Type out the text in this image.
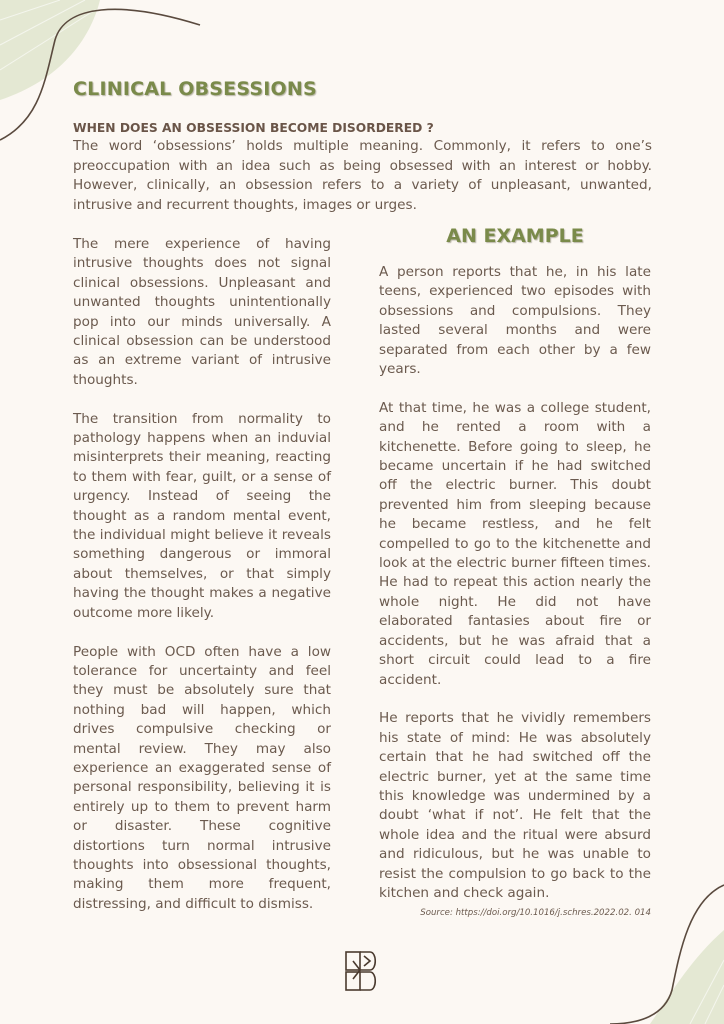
CLINICAL OBSESSIONS
WHEN DOES AN OBSESSION BECOME DISORDERED ?

The word ‘obsessions’ holds multiple meaning. Commonly, it refers to one’s preoccupation with an idea such as being obsessed with an interest or hobby. However, clinically, an obsession refers to a variety of unpleasant, unwanted, intrusive and recurrent thoughts, images or urges.

The mere experience of having intrusive thoughts does not signal clinical obsessions. Unpleasant and unwanted thoughts unintentionally pop into our minds universally. A clinical obsession can be understood as an extreme variant of intrusive thoughts.

The transition from normality to pathology happens when an induvial misinterprets their meaning, reacting to them with fear, guilt, or a sense of urgency. Instead of seeing the thought as a random mental event, the individual might believe it reveals something dangerous or immoral about themselves, or that simply having the thought makes a negative outcome more likely.

People with OCD often have a low tolerance for uncertainty and feel they must be absolutely sure that nothing bad will happen, which drives compulsive checking or mental review. They may also experience an exaggerated sense of personal responsibility, believing it is entirely up to them to prevent harm or disaster. These cognitive distortions turn normal intrusive thoughts into obsessional thoughts, making them more frequent, distressing, and difficult to dismiss.

AN EXAMPLE

A person reports that he, in his late teens, experienced two episodes with obsessions and compulsions. They lasted several months and were separated from each other by a few years.

At that time, he was a college student, and he rented a room with a kitchenette. Before going to sleep, he became uncertain if he had switched off the electric burner. This doubt prevented him from sleeping because he became restless, and he felt compelled to go to the kitchenette and look at the electric burner fifteen times. He had to repeat this action nearly the whole night. He did not have elaborated fantasies about fire or accidents, but he was afraid that a short circuit could lead to a fire accident.

He reports that he vividly remembers his state of mind: He was absolutely certain that he had switched off the electric burner, yet at the same time this knowledge was undermined by a doubt ‘what if not’. He felt that the whole idea and the ritual were absurd and ridiculous, but he was unable to resist the compulsion to go back to the kitchen and check again.

Source: https://doi.org/10.1016/j.schres.2022.02. 014
